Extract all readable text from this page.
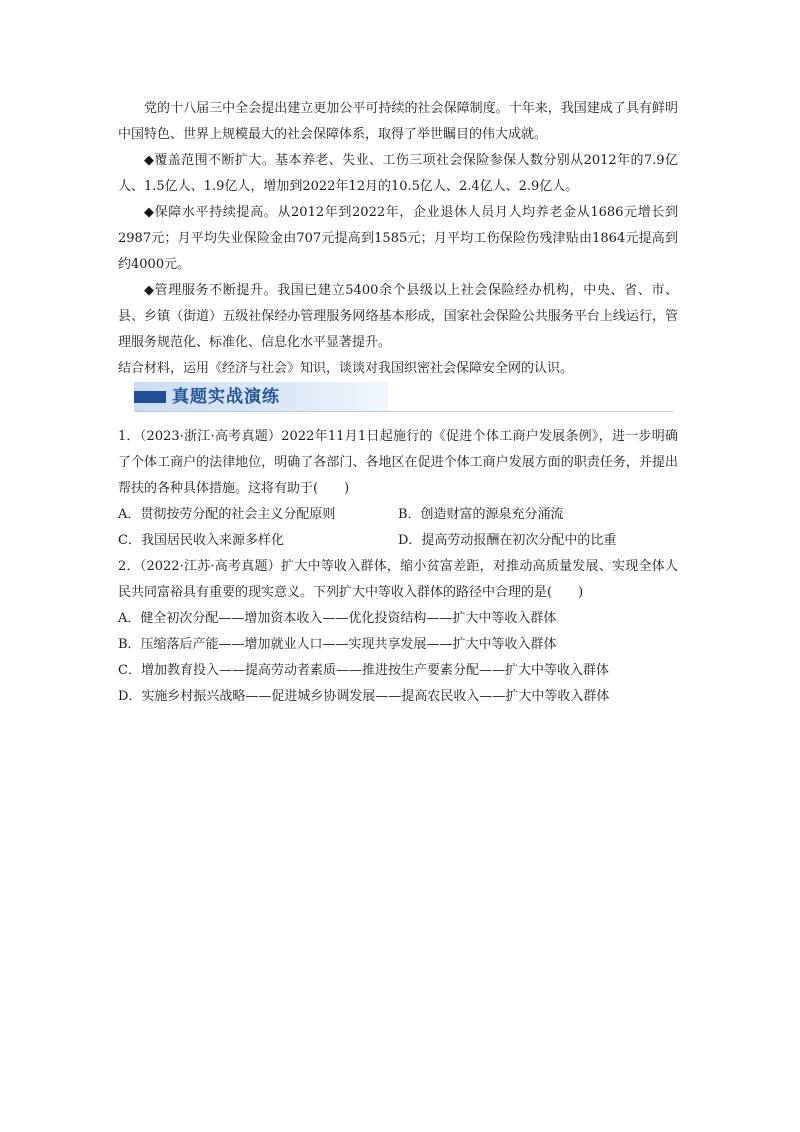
党的十八届三中全会提出建立更加公平可持续的社会保障制度。十年来，我国建成了具有鲜明中国特色、世界上规模最大的社会保障体系，取得了举世瞩目的伟大成就。

◆覆盖范围不断扩大。基本养老、失业、工伤三项社会保险参保人数分别从2012年的7.9亿人、1.5亿人、1.9亿人，增加到2022年12月的10.5亿人、2.4亿人、2.9亿人。

◆保障水平持续提高。从2012年到2022年，企业退休人员月人均养老金从1686元增长到2987元；月平均失业保险金由707元提高到1585元；月平均工伤保险伤残津贴由1864元提高到约4000元。

◆管理服务不断提升。我国已建立5400余个县级以上社会保险经办机构，中央、省、市、县、乡镇（街道）五级社保经办管理服务网络基本形成，国家社会保险公共服务平台上线运行，管理服务规范化、标准化、信息化水平显著提升。

结合材料，运用《经济与社会》知识，谈谈对我国织密社会保障安全网的认识。

真题实战演练

1．（2023·浙江·高考真题）2022年11月1日起施行的《促进个体工商户发展条例》，进一步明确了个体工商户的法律地位，明确了各部门、各地区在促进个体工商户发展方面的职责任务，并提出帮扶的各种具体措施。这将有助于(　　)

A．贯彻按劳分配的社会主义分配原则	B．创造财富的源泉充分涌流
C．我国居民收入来源多样化	D．提高劳动报酬在初次分配中的比重

2．（2022·江苏·高考真题）扩大中等收入群体，缩小贫富差距，对推动高质量发展、实现全体人民共同富裕具有重要的现实意义。下列扩大中等收入群体的路径中合理的是(　　)

A．健全初次分配——增加资本收入——优化投资结构——扩大中等收入群体

B．压缩落后产能——增加就业人口——实现共享发展——扩大中等收入群体

C．增加教育投入——提高劳动者素质——推进按生产要素分配——扩大中等收入群体

D．实施乡村振兴战略——促进城乡协调发展——提高农民收入——扩大中等收入群体
